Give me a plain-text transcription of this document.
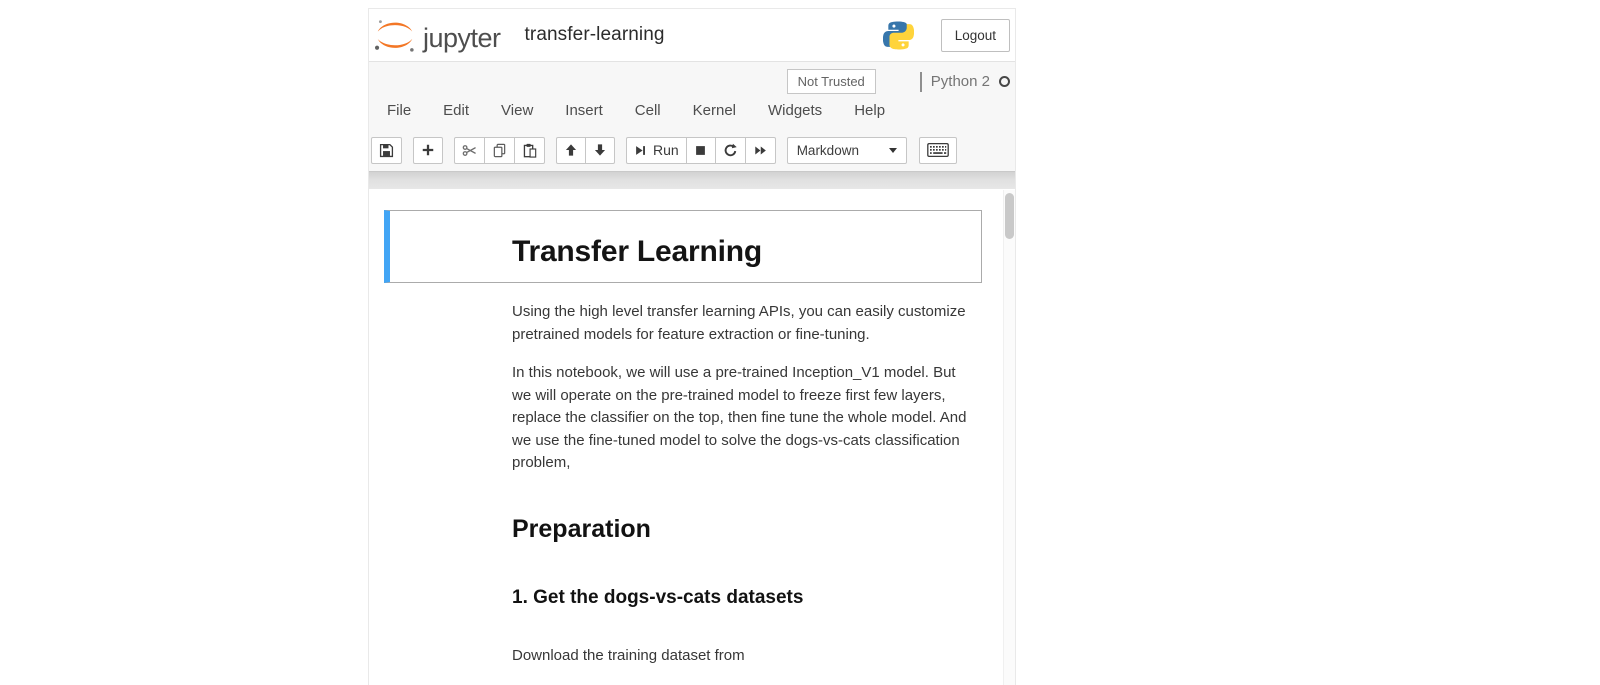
jupyter transfer-learning	Logout
Not Trusted	Python 2
File	Edit	View	Insert	Cell	Kernel	Widgets	Help
Run	Markdown
Transfer Learning

Using the high level transfer learning APIs, you can easily customize pretrained models for feature extraction or fine-tuning.

In this notebook, we will use a pre-trained Inception_V1 model. But we will operate on the pre-trained model to freeze first few layers, replace the classifier on the top, then fine tune the whole model. And we use the fine-tuned model to solve the dogs-vs-cats classification problem,

Preparation
1. Get the dogs-vs-cats datasets

Download the training dataset from
